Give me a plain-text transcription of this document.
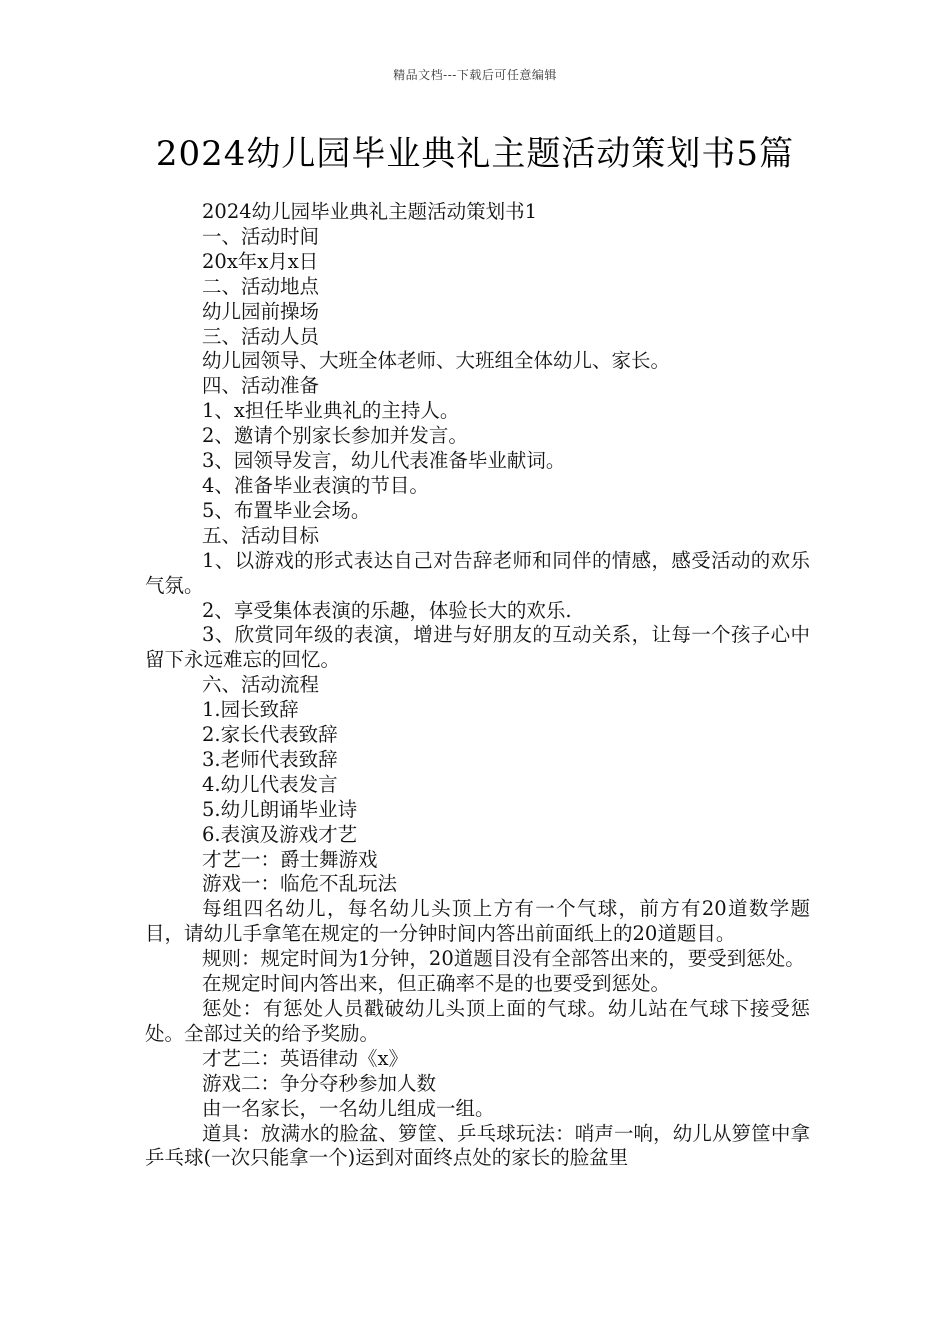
精品文档---下载后可任意编辑
2024幼儿园毕业典礼主题活动策划书5篇
2024幼儿园毕业典礼主题活动策划书1
一、活动时间
20x年x月x日
二、活动地点
幼儿园前操场
三、活动人员
幼儿园领导、大班全体老师、大班组全体幼儿、家长。
四、活动准备
1、x担任毕业典礼的主持人。
2、邀请个别家长参加并发言。
3、园领导发言，幼儿代表准备毕业献词。
4、准备毕业表演的节目。
5、布置毕业会场。
五、活动目标
1、以游戏的形式表达自己对告辞老师和同伴的情感，感受活动的欢乐气氛。
2、享受集体表演的乐趣，体验长大的欢乐.
3、欣赏同年级的表演，增进与好朋友的互动关系，让每一个孩子心中留下永远难忘的回忆。
六、活动流程
1.园长致辞
2.家长代表致辞
3.老师代表致辞
4.幼儿代表发言
5.幼儿朗诵毕业诗
6.表演及游戏才艺
才艺一：爵士舞游戏
游戏一：临危不乱玩法
每组四名幼儿，每名幼儿头顶上方有一个气球，前方有20道数学题目，请幼儿手拿笔在规定的一分钟时间内答出前面纸上的20道题目。
规则：规定时间为1分钟，20道题目没有全部答出来的，要受到惩处。
在规定时间内答出来，但正确率不是的也要受到惩处。
惩处：有惩处人员戳破幼儿头顶上面的气球。幼儿站在气球下接受惩处。全部过关的给予奖励。
才艺二：英语律动《x》
游戏二：争分夺秒参加人数
由一名家长，一名幼儿组成一组。
道具：放满水的脸盆、箩筐、乒乓球玩法：哨声一响，幼儿从箩筐中拿乒乓球(一次只能拿一个)运到对面终点处的家长的脸盆里
